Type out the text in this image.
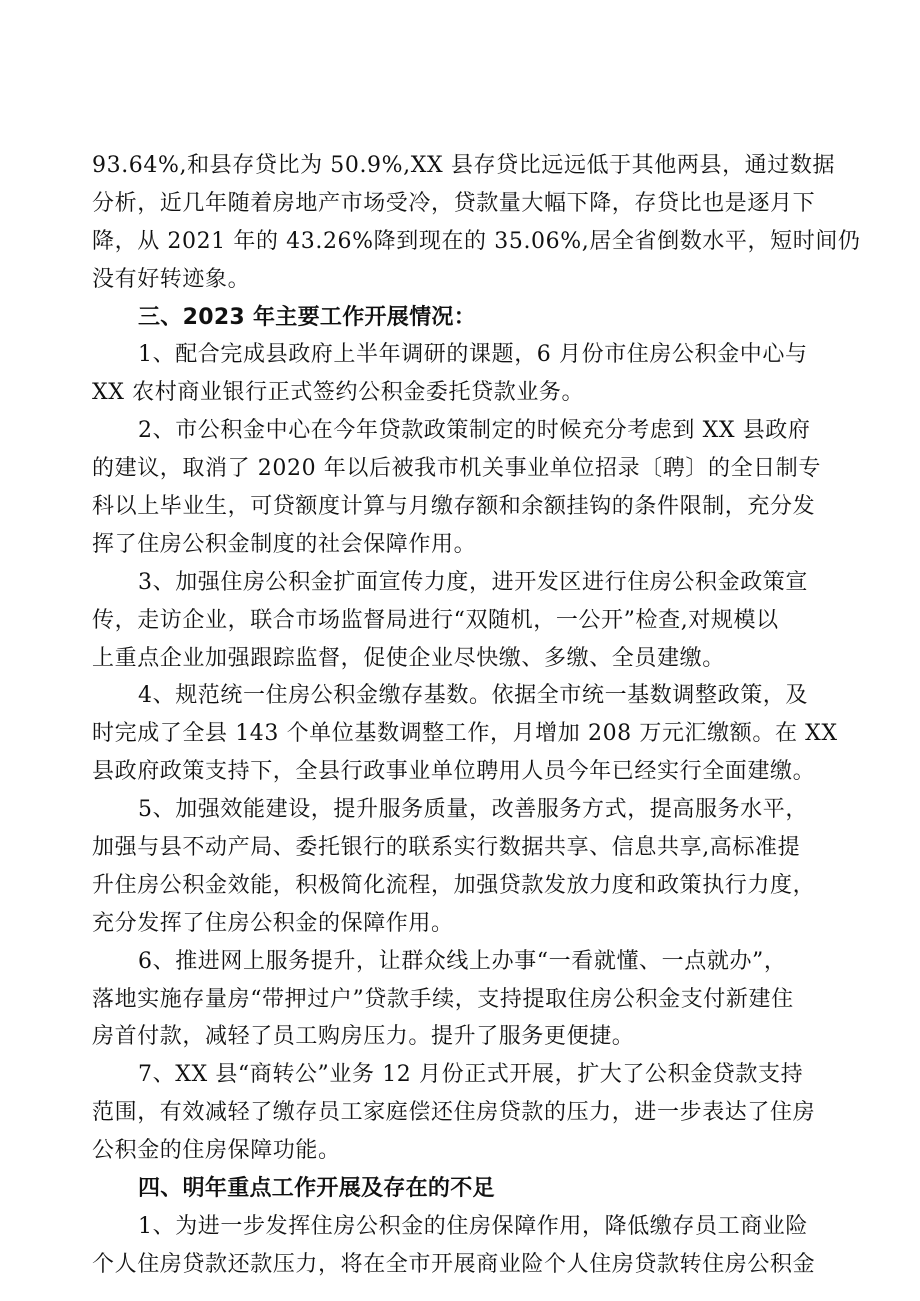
93.64%,和县存贷比为 50.9%,XX 县存贷比远远低于其他两县，通过数据
分析，近几年随着房地产市场受冷，贷款量大幅下降，存贷比也是逐月下
降，从 2021 年的 43.26%降到现在的 35.06%,居全省倒数水平，短时间仍
没有好转迹象。
三、2023 年主要工作开展情况：
1、配合完成县政府上半年调研的课题，6 月份市住房公积金中心与
XX 农村商业银行正式签约公积金委托贷款业务。
2、市公积金中心在今年贷款政策制定的时候充分考虑到 XX 县政府
的建议，取消了 2020 年以后被我市机关事业单位招录〔聘〕的全日制专
科以上毕业生，可贷额度计算与月缴存额和余额挂钩的条件限制，充分发
挥了住房公积金制度的社会保障作用。
3、加强住房公积金扩面宣传力度，进开发区进行住房公积金政策宣
传，走访企业，联合市场监督局进行“双随机，一公开”检查,对规模以
上重点企业加强跟踪监督，促使企业尽快缴、多缴、全员建缴。
4、规范统一住房公积金缴存基数。依据全市统一基数调整政策，及
时完成了全县 143 个单位基数调整工作，月增加 208 万元汇缴额。在 XX
县政府政策支持下，全县行政事业单位聘用人员今年已经实行全面建缴。
5、加强效能建设，提升服务质量，改善服务方式，提高服务水平，
加强与县不动产局、委托银行的联系实行数据共享、信息共享,高标准提
升住房公积金效能，积极简化流程，加强贷款发放力度和政策执行力度，
充分发挥了住房公积金的保障作用。
6、推进网上服务提升，让群众线上办事“一看就懂、一点就办”，
落地实施存量房“带押过户”贷款手续，支持提取住房公积金支付新建住
房首付款，减轻了员工购房压力。提升了服务更便捷。
7、XX 县“商转公”业务 12 月份正式开展，扩大了公积金贷款支持
范围，有效减轻了缴存员工家庭偿还住房贷款的压力，进一步表达了住房
公积金的住房保障功能。
四、明年重点工作开展及存在的不足
1、为进一步发挥住房公积金的住房保障作用，降低缴存员工商业险
个人住房贷款还款压力，将在全市开展商业险个人住房贷款转住房公积金
